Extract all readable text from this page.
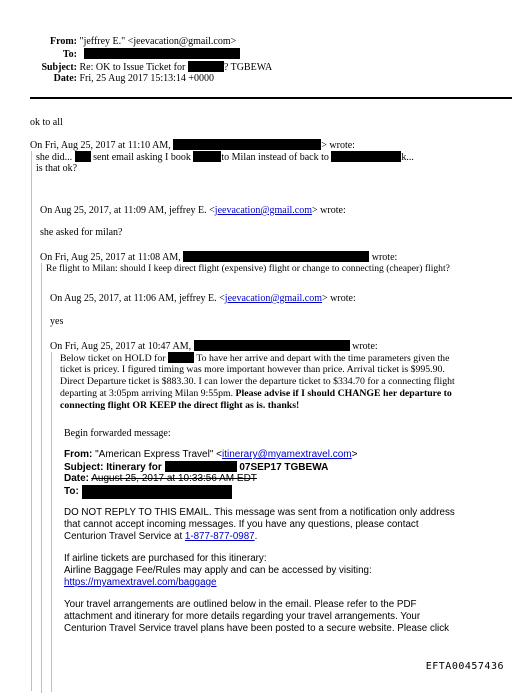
From: "jeffrey E." <jeevacation@gmail.com>
To:
Subject: Re: OK to Issue Ticket for	? TGBEWA
Date: Fri, 25 Aug 2017 15:13:14 +0000
ok to all
On Fri, Aug 25, 2017 at 11:10 AM,	> wrote:
she did... sent email asking I book	to Milan instead of back to	k...
is that ok?
On Aug 25, 2017, at 11:09 AM, jeffrey E. <jeevacation@gmail.com> wrote:
she asked for milan?
On Fri, Aug 25, 2017 at 11:08 AM,	wrote:
Re flight to Milan: should I keep direct flight (expensive) flight or change to connecting (cheaper) flight?
On Aug 25, 2017, at 11:06 AM, jeffrey E. <jeevacation@gmail.com> wrote:
yes
On Fri, Aug 25, 2017 at 10:47 AM,	wrote:
Below ticket on HOLD for	To have her arrive and depart with the time parameters given the
ticket is pricey. I figured timing was more important however than price. Arrival ticket is $995.90.
Direct Departure ticket is $883.30. I can lower the departure ticket to $334.70 for a connecting flight
departing at 3:05pm arriving Milan 9:55pm. Please advise if I should CHANGE her departure to
connecting flight OR KEEP the direct flight as is. thanks!
Begin forwarded message:
From: "American Express Travel" <itinerary@myamextravel.com>
Subject: Itinerary for	07SEP17 TGBEWA
Date: August 25, 2017 at 10:33:56 AM EDT
To:
DO NOT REPLY TO THIS EMAIL. This message was sent from a notification only address
that cannot accept incoming messages. If you have any questions, please contact
Centurion Travel Service at 1-877-877-0987.
If airline tickets are purchased for this itinerary:
Airline Baggage Fee/Rules may apply and can be accessed by visiting:
https://myamextravel.com/baggage
Your travel arrangements are outlined below in the email. Please refer to the PDF
attachment and itinerary for more details regarding your travel arrangements. Your
Centurion Travel Service travel plans have been posted to a secure website. Please click
EFTA00457436
